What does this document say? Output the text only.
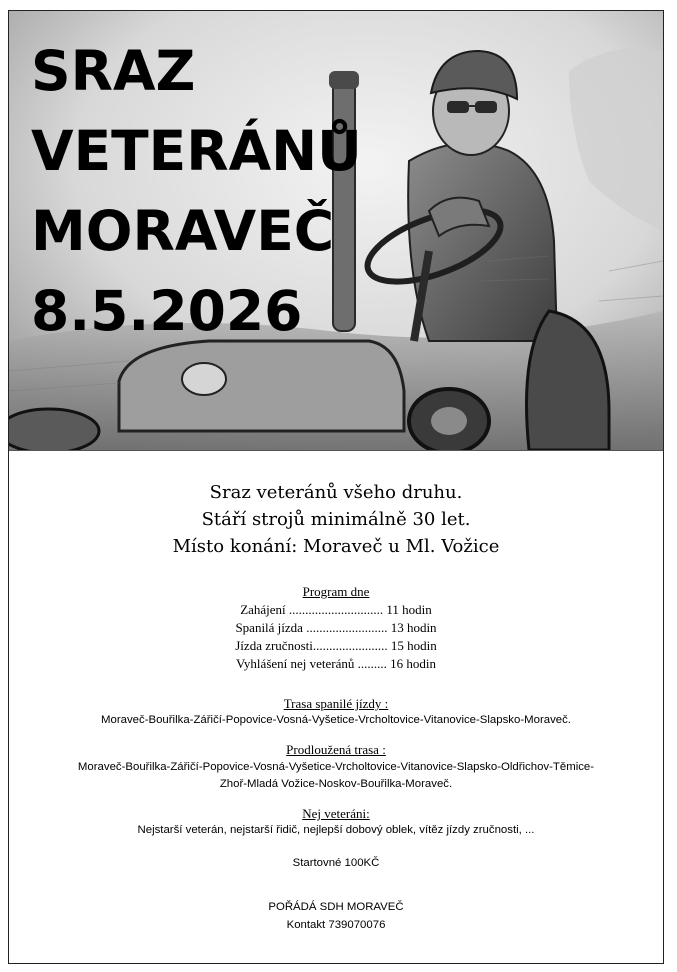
SRAZ
VETERÁNŮ
MORAVEČ
8.5.2026
Sraz veteránů všeho druhu.
Stáří strojů minimálně 30 let.
Místo konání: Moraveč u Ml. Vožice
Program dne
Zahájení ............................. 11 hodin
Spanilá jízda ......................... 13 hodin
Jízda zručnosti....................... 15 hodin
Vyhlášení nej veteránů ......... 16 hodin
Trasa spanilé jízdy :
Moraveč-Bouřilka-Zářičí-Popovice-Vosná-Vyšetice-Vrcholtovice-Vitanovice-Slapsko-Moraveč.
Prodloužená trasa :
Moraveč-Bouřilka-Zářičí-Popovice-Vosná-Vyšetice-Vrcholtovice-Vitanovice-Slapsko-Oldřichov-Těmice-
Zhoř-Mladá Vožice-Noskov-Bouřilka-Moraveč.
Nej veteráni:
Nejstarší veterán, nejstarší řidič, nejlepší dobový oblek, vítěz jízdy zručnosti, ...
Startovné 100KČ
POŘÁDÁ SDH MORAVEČ
Kontakt 739070076
